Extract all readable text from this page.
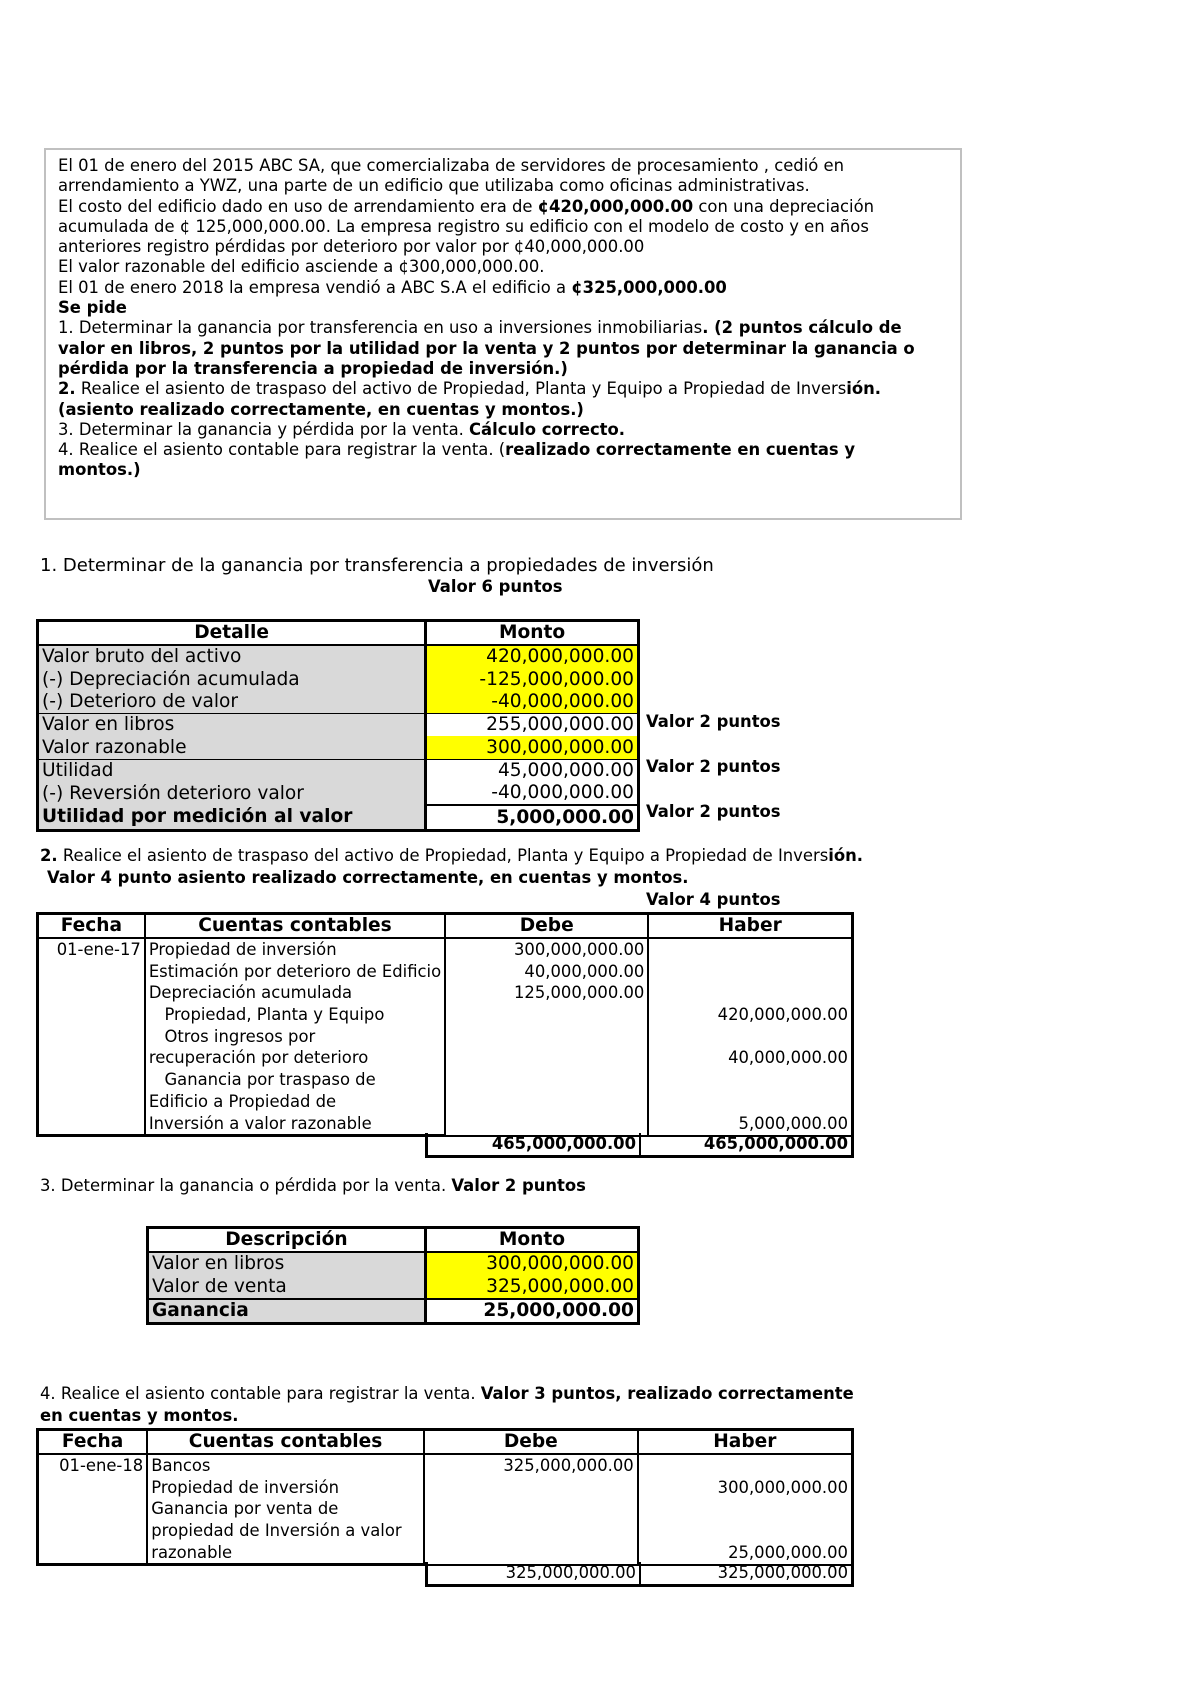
El 01 de enero del 2015 ABC SA, que comercializaba de servidores de procesamiento , cedió en

arrendamiento a YWZ, una parte de un edificio que utilizaba como oficinas administrativas.

El costo del edificio dado en uso de arrendamiento era de ¢420,000,000.00 con una depreciación

acumulada de ¢ 125,000,000.00. La empresa registro su edificio con el modelo de costo y en años

anteriores registro pérdidas por deterioro por valor por ¢40,000,000.00

El valor razonable del edificio asciende a ¢300,000,000.00.

El 01 de enero 2018 la empresa vendió a ABC S.A el edificio a ¢325,000,000.00

Se pide

1. Determinar la ganancia por transferencia en uso a inversiones inmobiliarias. (2 puntos cálculo de

valor en libros, 2 puntos por la utilidad por la venta y 2 puntos por determinar la ganancia o

pérdida por la transferencia a propiedad de inversión.)

2. Realice el asiento de traspaso del activo de Propiedad, Planta y Equipo a Propiedad de Inversión.

(asiento realizado correctamente, en cuentas y montos.)

3. Determinar la ganancia y pérdida por la venta. Cálculo correcto.

4. Realice el asiento contable para registrar la venta. (realizado correctamente en cuentas y

montos.)

1. Determinar de la ganancia por transferencia a propiedades de inversión
Valor 6 puntos
Detalle	Monto
Valor bruto del activo	420,000,000.00
(-) Depreciación acumulada	-125,000,000.00
(-) Deterioro de valor	-40,000,000.00
Valor en libros	255,000,000.00
Valor razonable	300,000,000.00
Utilidad	45,000,000.00
(-) Reversión deterioro valor	-40,000,000.00
Utilidad por medición al valor	5,000,000.00
Valor 2 puntos
Valor 2 puntos
Valor 2 puntos
2. Realice el asiento de traspaso del activo de Propiedad, Planta y Equipo a Propiedad de Inversión.
Valor 4 punto asiento realizado correctamente, en cuentas y montos.
Valor 4 puntos
Fecha	Cuentas contables	Debe	Haber
01-ene-17	Propiedad de inversión	300,000,000.00	
	Estimación por deterioro de Edificio	40,000,000.00	
	Depreciación acumulada	125,000,000.00	
	Propiedad, Planta y Equipo		420,000,000.00
	Otros ingresos por		
	recuperación por deterioro		40,000,000.00
	Ganancia por traspaso de		
	Edificio a Propiedad de		
	Inversión a valor razonable		5,000,000.00
465,000,000.00	465,000,000.00
3. Determinar la ganancia o pérdida por la venta. Valor 2 puntos
Descripción	Monto
Valor en libros	300,000,000.00
Valor de venta	325,000,000.00
Ganancia	25,000,000.00
4. Realice el asiento contable para registrar la venta. Valor 3 puntos, realizado correctamente
en cuentas y montos.
Fecha	Cuentas contables	Debe	Haber
01-ene-18	Bancos	325,000,000.00	
	Propiedad de inversión		300,000,000.00
	Ganancia por venta de		
	propiedad de Inversión a valor		
	razonable		25,000,000.00
325,000,000.00	325,000,000.00
